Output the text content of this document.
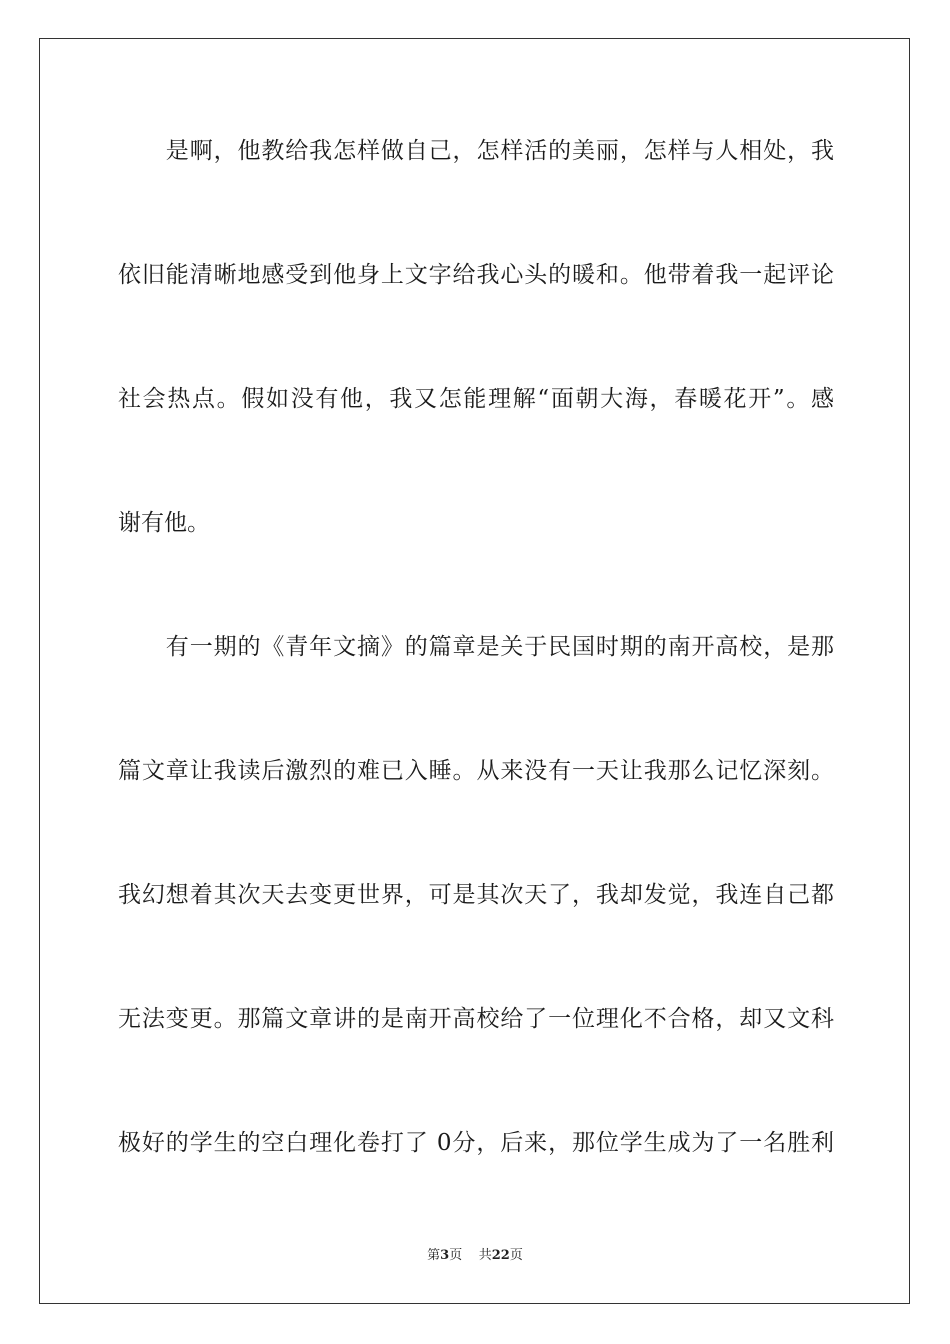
　　是啊，他教给我怎样做自己，怎样活的美丽，怎样与人相处，我
依旧能清晰地感受到他身上文字给我心头的暖和。他带着我一起评论
社会热点。假如没有他，我又怎能理解“面朝大海，春暖花开”。感
谢有他。
　　有一期的《青年文摘》的篇章是关于民国时期的南开高校，是那
篇文章让我读后激烈的难已入睡。从来没有一天让我那么记忆深刻。
我幻想着其次天去变更世界，可是其次天了，我却发觉，我连自己都
无法变更。那篇文章讲的是南开高校给了一位理化不合格，却又文科
极好的学生的空白理化卷打了 0分，后来，那位学生成为了一名胜利
第3页 共22页
